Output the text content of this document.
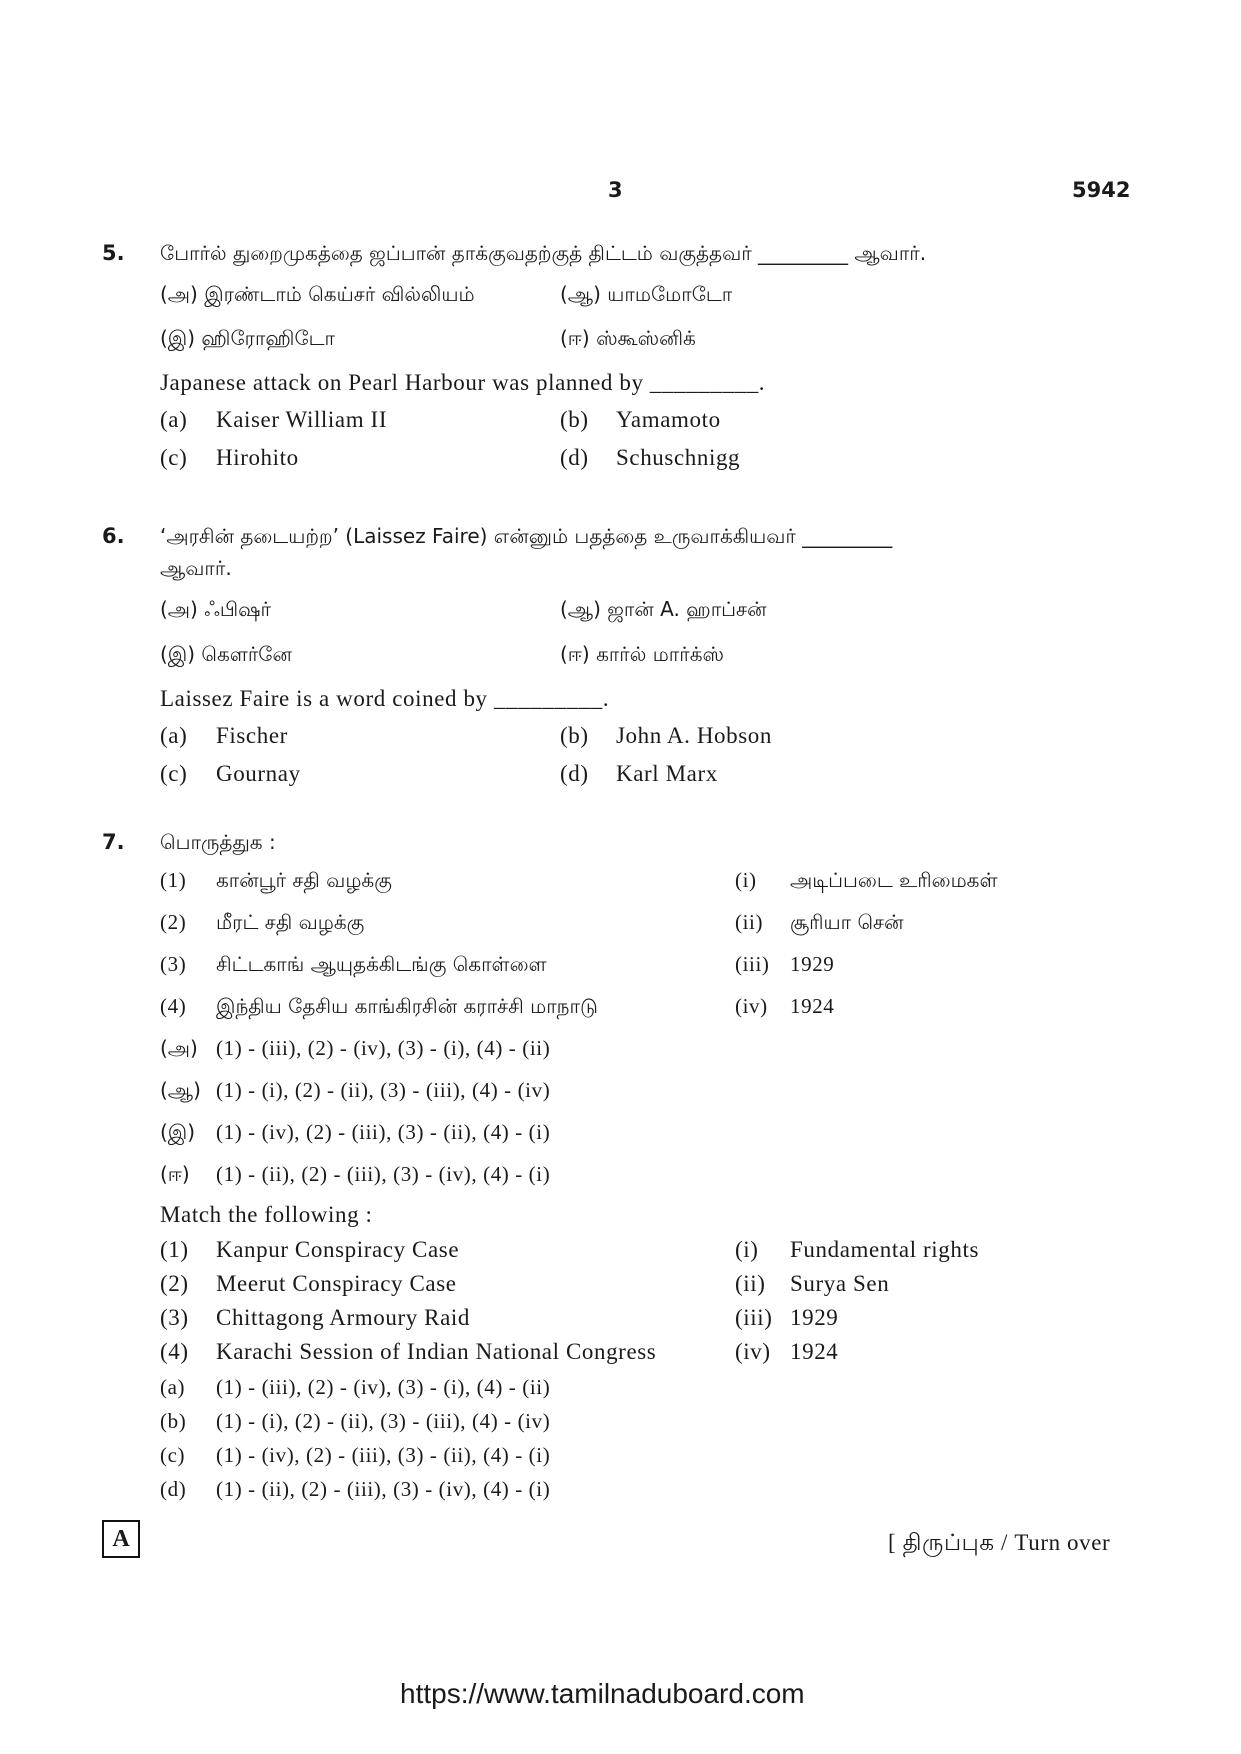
3	5942
5. போர்ல் துறைமுகத்தை ஜப்பான் தாக்குவதற்குத் திட்டம் வகுத்தவர் _________ ஆவார்.
(அ) இரண்டாம் கெய்சர் வில்லியம்	(ஆ) யாமமோடோ
(இ) ஹிரோஹிடோ	(ஈ) ஸ்கூஸ்னிக்
Japanese attack on Pearl Harbour was planned by _________.
(a) Kaiser William II	(b) Yamamoto
(c) Hirohito	(d) Schuschnigg
6. ‘அரசின் தடையற்ற’ (Laissez Faire) என்னும் பதத்தை உருவாக்கியவர் _________
ஆவார்.
(அ) ஃபிஷர்	(ஆ) ஜான் A. ஹாப்சன்
(இ) கௌர்னே	(ஈ) கார்ல் மார்க்ஸ்
Laissez Faire is a word coined by _________.
(a) Fischer	(b) John A. Hobson
(c) Gournay	(d) Karl Marx
7. பொருத்துக :
(1) கான்பூர் சதி வழக்கு	(i) அடிப்படை உரிமைகள்
(2) மீரட் சதி வழக்கு	(ii) சூரியா சென்
(3) சிட்டகாங் ஆயுதக்கிடங்கு கொள்ளை	(iii) 1929
(4) இந்திய தேசிய காங்கிரசின் கராச்சி மாநாடு	(iv) 1924
(அ) (1) - (iii), (2) - (iv), (3) - (i), (4) - (ii)
(ஆ) (1) - (i), (2) - (ii), (3) - (iii), (4) - (iv)
(இ) (1) - (iv), (2) - (iii), (3) - (ii), (4) - (i)
(ஈ) (1) - (ii), (2) - (iii), (3) - (iv), (4) - (i)
Match the following :
(1) Kanpur Conspiracy Case	(i) Fundamental rights
(2) Meerut Conspiracy Case	(ii) Surya Sen
(3) Chittagong Armoury Raid	(iii) 1929
(4) Karachi Session of Indian National Congress	(iv) 1924
(a) (1) - (iii), (2) - (iv), (3) - (i), (4) - (ii)
(b) (1) - (i), (2) - (ii), (3) - (iii), (4) - (iv)
(c) (1) - (iv), (2) - (iii), (3) - (ii), (4) - (i)
(d) (1) - (ii), (2) - (iii), (3) - (iv), (4) - (i)
A	[ திருப்புக / Turn over
https://www.tamilnaduboard.com
